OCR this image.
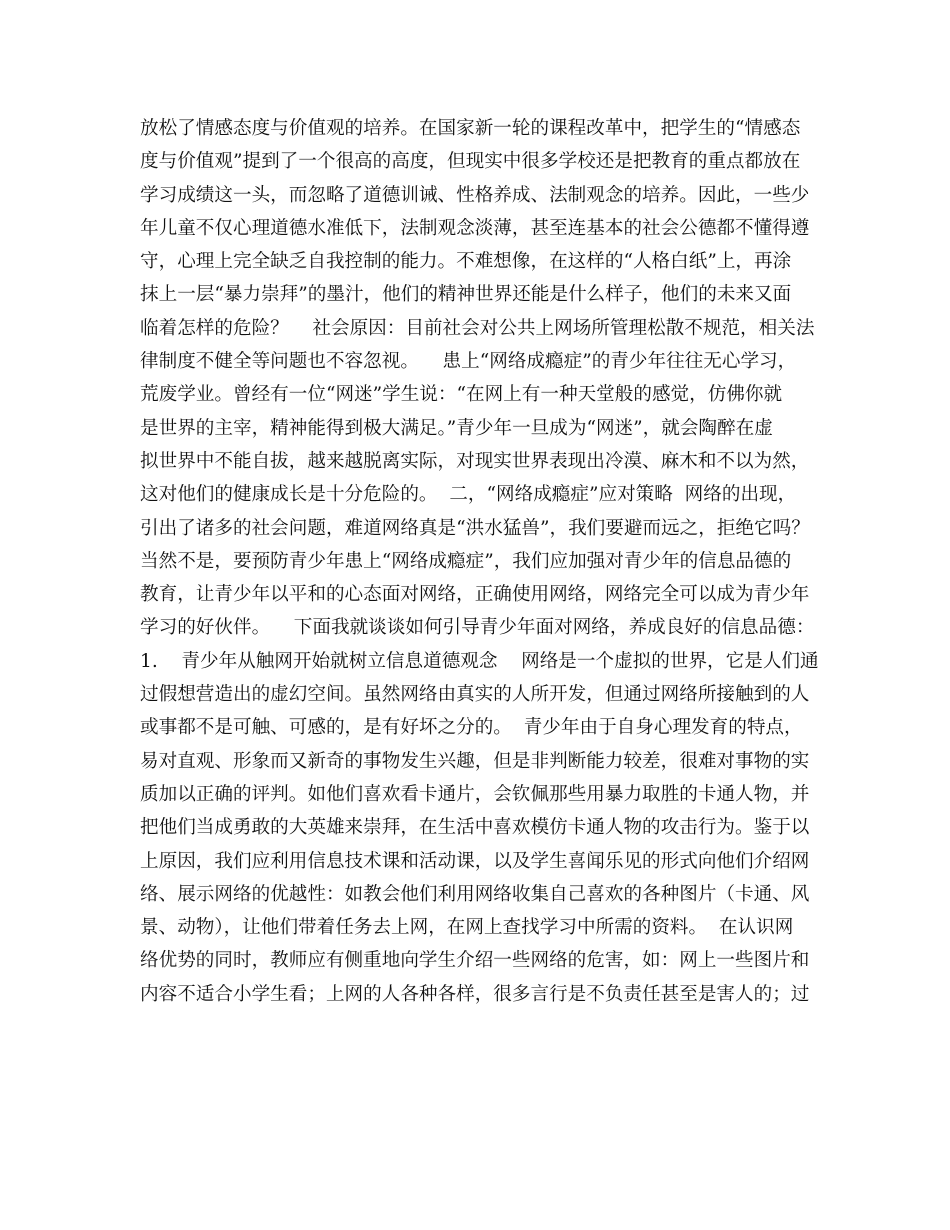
放松了情感态度与价值观的培养。在国家新一轮的课程改革中，把学生的“情感态
度与价值观”提到了一个很高的高度，但现实中很多学校还是把教育的重点都放在
学习成绩这一头，而忽略了道德训诫、性格养成、法制观念的培养。因此，一些少
年儿童不仅心理道德水准低下，法制观念淡薄，甚至连基本的社会公德都不懂得遵
守，心理上完全缺乏自我控制的能力。不难想像，在这样的“人格白纸”上，再涂
抹上一层“暴力崇拜”的墨汁，他们的精神世界还能是什么样子，他们的未来又面
临着怎样的危险？    社会原因：目前社会对公共上网场所管理松散不规范，相关法
律制度不健全等问题也不容忽视。    患上“网络成瘾症”的青少年往往无心学习，
荒废学业。曾经有一位“网迷”学生说：“在网上有一种天堂般的感觉，仿佛你就
是世界的主宰，精神能得到极大满足。”青少年一旦成为“网迷”，就会陶醉在虚
拟世界中不能自拔，越来越脱离实际，对现实世界表现出冷漠、麻木和不以为然，
这对他们的健康成长是十分危险的。  二，“网络成瘾症”应对策略  网络的出现，
引出了诸多的社会问题，难道网络真是“洪水猛兽”，我们要避而远之，拒绝它吗？
当然不是，要预防青少年患上“网络成瘾症”，我们应加强对青少年的信息品德的
教育，让青少年以平和的心态面对网络，正确使用网络，网络完全可以成为青少年
学习的好伙伴。    下面我就谈谈如何引导青少年面对网络，养成良好的信息品德：
1.    青少年从触网开始就树立信息道德观念    网络是一个虚拟的世界，它是人们通
过假想营造出的虚幻空间。虽然网络由真实的人所开发，但通过网络所接触到的人
或事都不是可触、可感的，是有好坏之分的。  青少年由于自身心理发育的特点，
易对直观、形象而又新奇的事物发生兴趣，但是非判断能力较差，很难对事物的实
质加以正确的评判。如他们喜欢看卡通片，会钦佩那些用暴力取胜的卡通人物，并
把他们当成勇敢的大英雄来崇拜，在生活中喜欢模仿卡通人物的攻击行为。鉴于以
上原因，我们应利用信息技术课和活动课，以及学生喜闻乐见的形式向他们介绍网
络、展示网络的优越性：如教会他们利用网络收集自己喜欢的各种图片（卡通、风
景、动物），让他们带着任务去上网，在网上查找学习中所需的资料。  在认识网
络优势的同时，教师应有侧重地向学生介绍一些网络的危害，如：网上一些图片和
内容不适合小学生看；上网的人各种各样，很多言行是不负责任甚至是害人的；过
